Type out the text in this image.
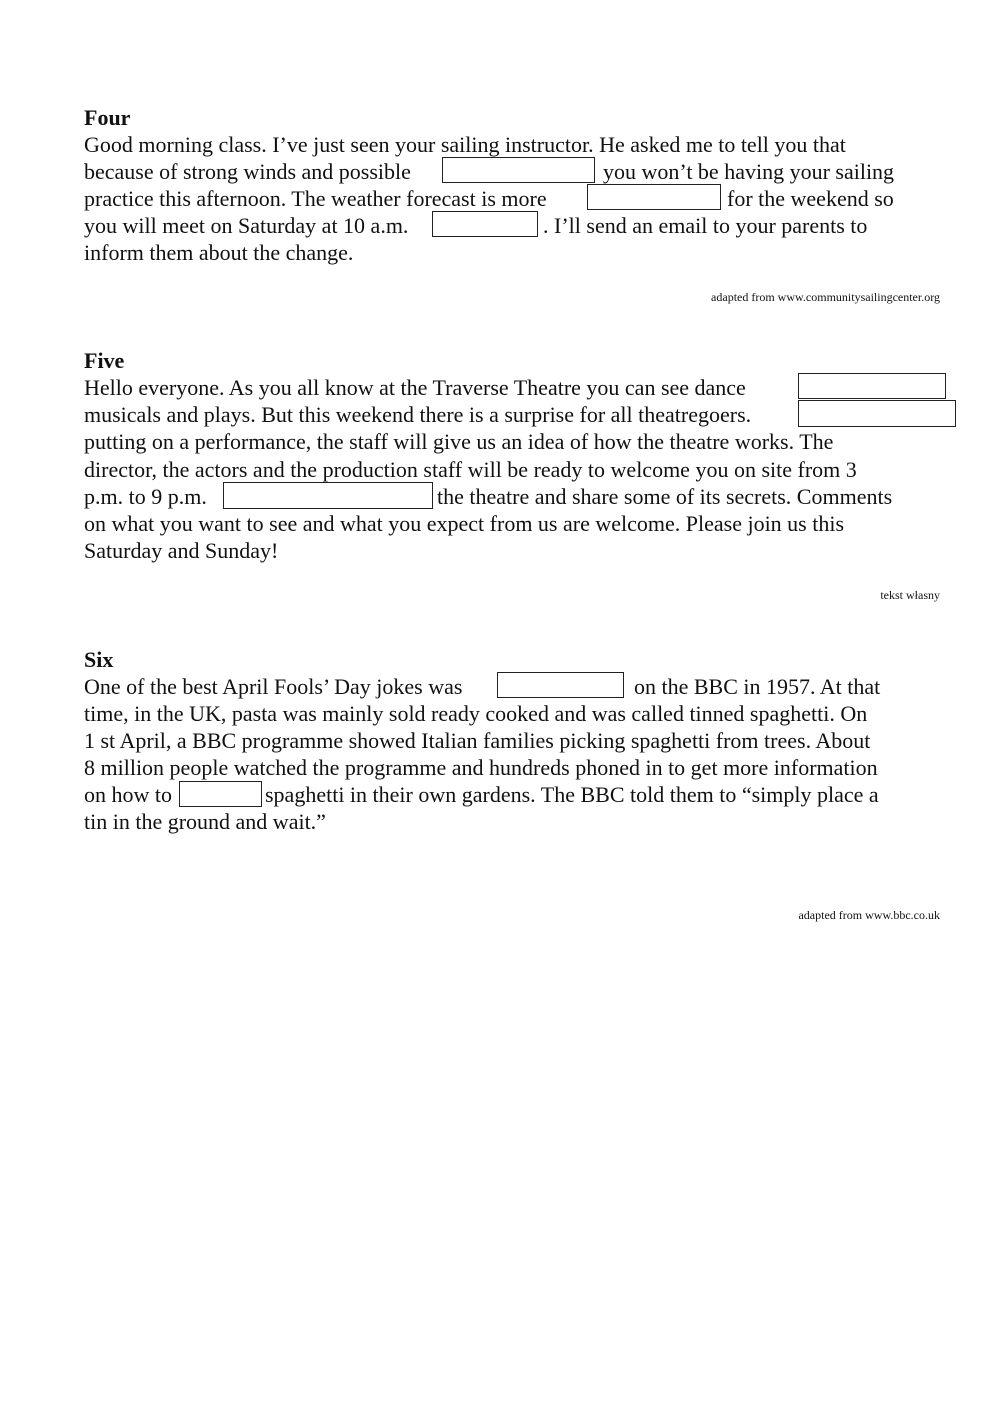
Four
Good morning class. I’ve just seen your sailing instructor. He asked me to tell you that
because of strong winds and possible	you won’t be having your sailing
practice this afternoon. The weather forecast is more	for the weekend so
you will meet on Saturday at 10 a.m.	. I’ll send an email to your parents to
inform them about the change.
adapted from www.communitysailingcenter.org
Five
Hello everyone. As you all know at the Traverse Theatre you can see dance
musicals and plays. But this weekend there is a surprise for all theatregoers.
putting on a performance, the staff will give us an idea of how the theatre works. The
director, the actors and the production staff will be ready to welcome you on site from 3
p.m. to 9 p.m.	the theatre and share some of its secrets. Comments
on what you want to see and what you expect from us are welcome. Please join us this
Saturday and Sunday!
tekst własny
Six
One of the best April Fools’ Day jokes was	on the BBC in 1957. At that
time, in the UK, pasta was mainly sold ready cooked and was called tinned spaghetti. On
1 st April, a BBC programme showed Italian families picking spaghetti from trees. About
8 million people watched the programme and hundreds phoned in to get more information
on how to	spaghetti in their own gardens. The BBC told them to “simply place a
tin in the ground and wait.”
adapted from www.bbc.co.uk
